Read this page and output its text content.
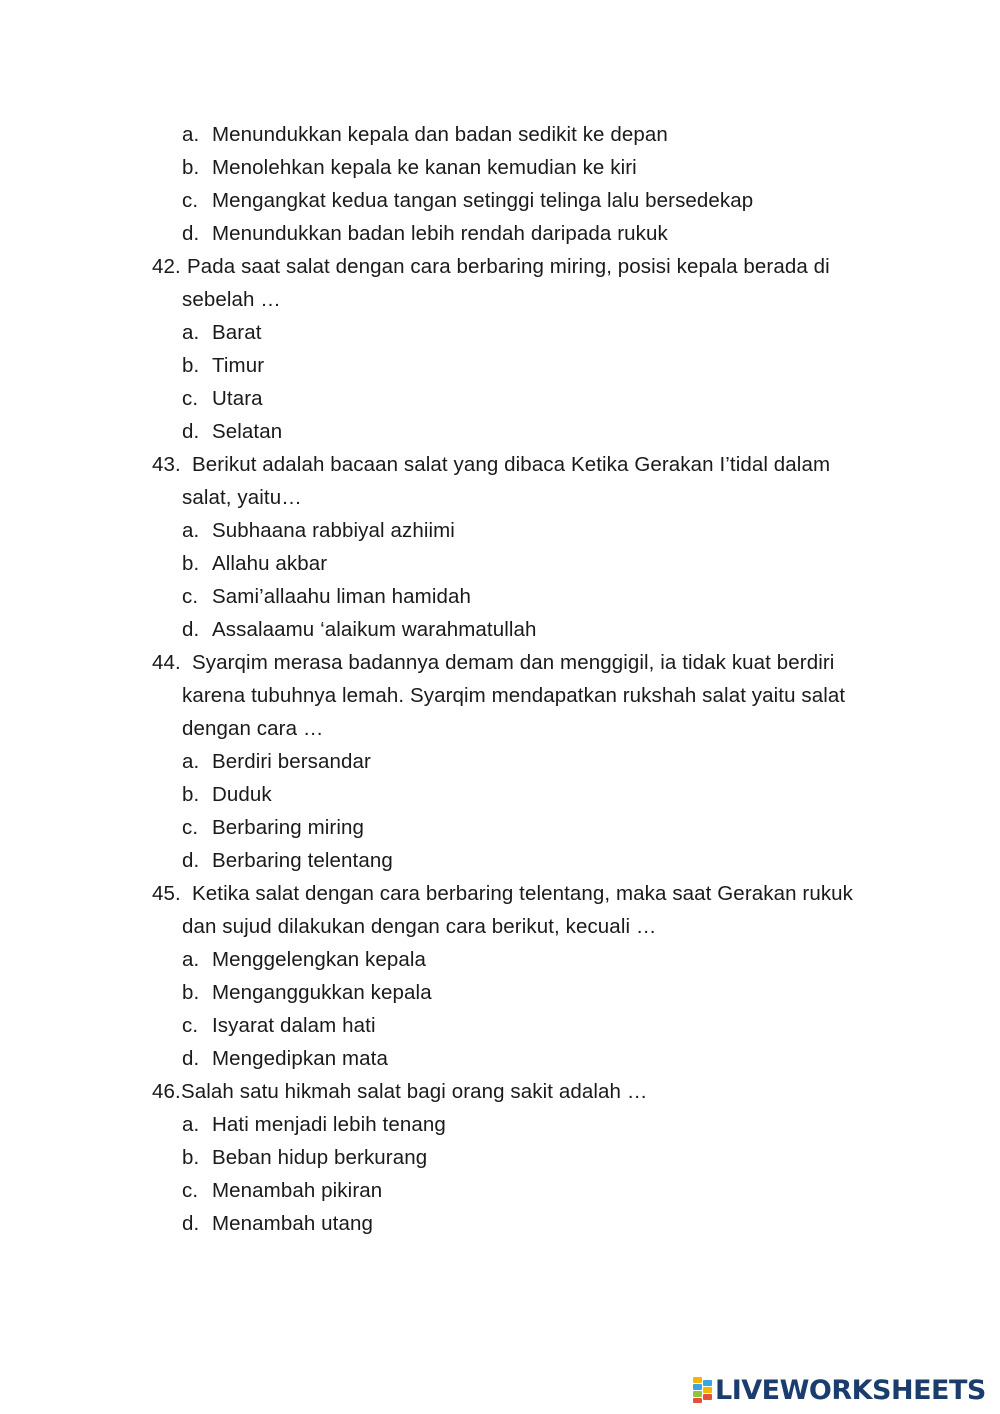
a. Menundukkan kepala dan badan sedikit ke depan
b. Menolehkan kepala ke kanan kemudian ke kiri
c. Mengangkat kedua tangan setinggi telinga lalu bersedekap
d. Menundukkan badan lebih rendah daripada rukuk
42. Pada saat salat dengan cara berbaring miring, posisi kepala berada di
sebelah …
a. Barat
b. Timur
c. Utara
d. Selatan
43. Berikut adalah bacaan salat yang dibaca Ketika Gerakan I’tidal dalam
salat, yaitu…
a. Subhaana rabbiyal azhiimi
b. Allahu akbar
c. Sami’allaahu liman hamidah
d. Assalaamu ‘alaikum warahmatullah
44. Syarqim merasa badannya demam dan menggigil, ia tidak kuat berdiri
karena tubuhnya lemah. Syarqim mendapatkan rukshah salat yaitu salat
dengan cara …
a. Berdiri bersandar
b. Duduk
c. Berbaring miring
d. Berbaring telentang
45. Ketika salat dengan cara berbaring telentang, maka saat Gerakan rukuk
dan sujud dilakukan dengan cara berikut, kecuali …
a. Menggelengkan kepala
b. Menganggukkan kepala
c. Isyarat dalam hati
d. Mengedipkan mata
46. Salah satu hikmah salat bagi orang sakit adalah …
a. Hati menjadi lebih tenang
b. Beban hidup berkurang
c. Menambah pikiran
d. Menambah utang
LIVEWORKSHEETS
